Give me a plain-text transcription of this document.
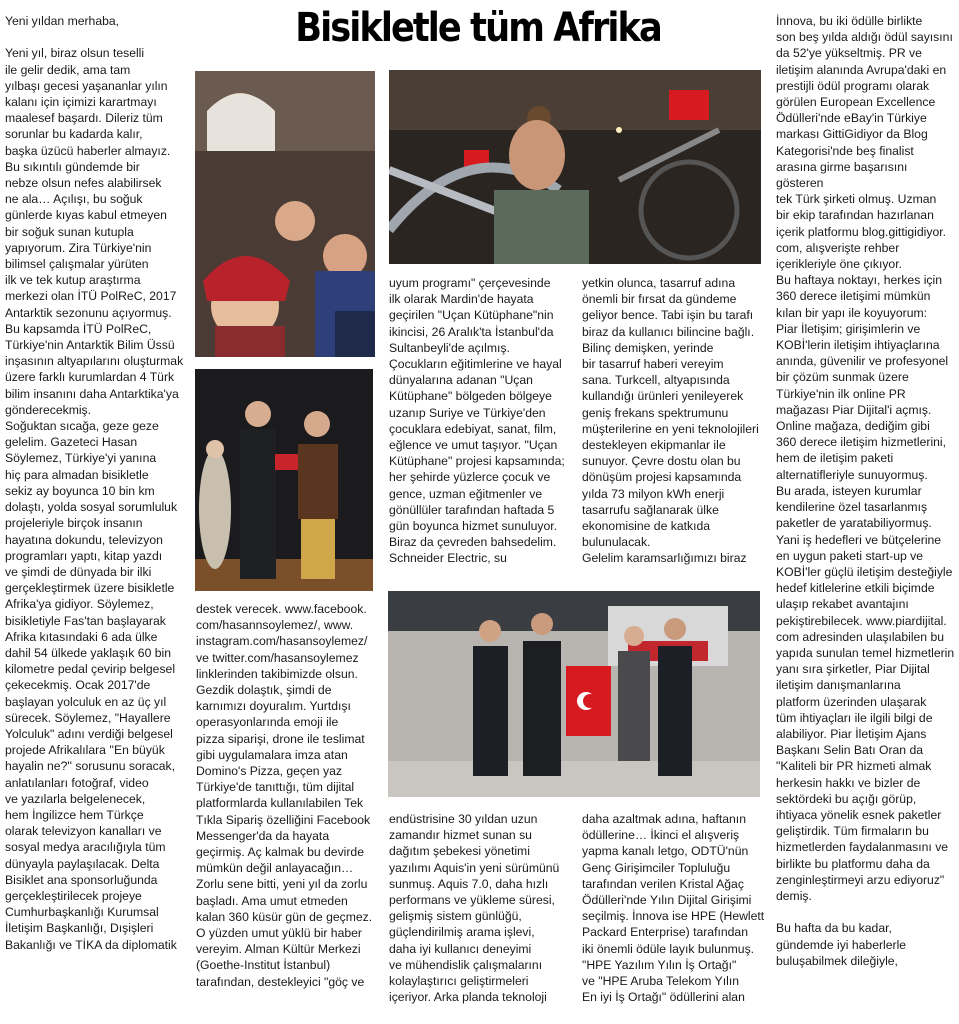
Bisikletle tüm Afrika

Yeni yıldan merhaba,

Yeni yıl, biraz olsun teselli
ile gelir dedik, ama tam
yılbaşı gecesi yaşananlar yılın
kalanı için içimizi karartmayı
maalesef başardı. Dileriz tüm
sorunlar bu kadarda kalır,
başka üzücü haberler almayız.
Bu sıkıntılı gündemde bir
nebze olsun nefes alabilirsek
ne ala… Açılışı, bu soğuk
günlerde kıyas kabul etmeyen
bir soğuk sunan kutupla
yapıyorum. Zira Türkiye'nin
bilimsel çalışmalar yürüten
ilk ve tek kutup araştırma
merkezi olan İTÜ PolReC, 2017
Antarktik sezonunu açıyormuş.
Bu kapsamda İTÜ PolReC,
Türkiye'nin Antarktik Bilim Üssü
inşasının altyapılarını oluşturmak
üzere farklı kurumlardan 4 Türk
bilim insanını daha Antarktika'ya
gönderecekmiş.
Soğuktan sıcağa, geze geze
gelelim. Gazeteci Hasan
Söylemez, Türkiye'yi yanına
hiç para almadan bisikletle
sekiz ay boyunca 10 bin km
dolaştı, yolda sosyal sorumluluk
projeleriyle birçok insanın
hayatına dokundu, televizyon
programları yaptı, kitap yazdı
ve şimdi de dünyada bir ilki
gerçekleştirmek üzere bisikletle
Afrika'ya gidiyor. Söylemez,
bisikletiyle Fas'tan başlayarak
Afrika kıtasındaki 6 ada ülke
dahil 54 ülkede yaklaşık 60 bin
kilometre pedal çevirip belgesel
çekecekmiş. Ocak 2017'de
başlayan yolculuk en az üç yıl
sürecek. Söylemez, "Hayallere
Yolculuk" adını verdiği belgesel
projede Afrikalılara ''En büyük
hayalin ne?'' sorusunu soracak,
anlatılanları fotoğraf, video
ve yazılarla belgelenecek,
hem İngilizce hem Türkçe
olarak televizyon kanalları ve
sosyal medya aracılığıyla tüm
dünyayla paylaşılacak. Delta
Bisiklet ana sponsorluğunda
gerçekleştirilecek projeye
Cumhurbaşkanlığı Kurumsal
İletişim Başkanlığı, Dışişleri
Bakanlığı ve TİKA da diplomatik

destek verecek. www.facebook.
com/hasannsoylemez/, www.
instagram.com/hasansoylemez/
ve twitter.com/hasansoylemez
linklerinden takibimizde olsun.
Gezdik dolaştık, şimdi de
karnımızı doyuralım. Yurtdışı
operasyonlarında emoji ile
pizza siparişi, drone ile teslimat
gibi uygulamalara imza atan
Domino's Pizza, geçen yaz
Türkiye'de tanıttığı, tüm dijital
platformlarda kullanılabilen Tek
Tıkla Sipariş özelliğini Facebook
Messenger'da da hayata
geçirmiş. Aç kalmak bu devirde
mümkün değil anlayacağın…
Zorlu sene bitti, yeni yıl da zorlu
başladı. Ama umut etmeden
kalan 360 küsür gün de geçmez.
O yüzden umut yüklü bir haber
vereyim. Alman Kültür Merkezi
(Goethe-Institut İstanbul)
tarafından, destekleyici "göç ve

uyum programı" çerçevesinde
ilk olarak Mardin'de hayata
geçirilen "Uçan Kütüphane"nin
ikincisi, 26 Aralık'ta İstanbul'da
Sultanbeyli'de açılmış.
Çocukların eğitimlerine ve hayal
dünyalarına adanan "Uçan
Kütüphane" bölgeden bölgeye
uzanıp Suriye ve Türkiye'den
çocuklara edebiyat, sanat, film,
eğlence ve umut taşıyor. "Uçan
Kütüphane" projesi kapsamında;
her şehirde yüzlerce çocuk ve
gence, uzman eğitmenler ve
gönüllüler tarafından haftada 5
gün boyunca hizmet sunuluyor.
Biraz da çevreden bahsedelim.
Schneider Electric, su

yetkin olunca, tasarruf adına
önemli bir fırsat da gündeme
geliyor bence. Tabi işin bu tarafı
biraz da kullanıcı bilincine bağlı.
Bilinç demişken, yerinde
bir tasarruf haberi vereyim
sana. Turkcell, altyapısında
kullandığı ürünleri yenileyerek
geniş frekans spektrumunu
müşterilerine en yeni teknolojileri
destekleyen ekipmanlar ile
sunuyor. Çevre dostu olan bu
dönüşüm projesi kapsamında
yılda 73 milyon kWh enerji
tasarrufu sağlanarak ülke
ekonomisine de katkıda
bulunulacak.
Gelelim karamsarlığımızı biraz

endüstrisine 30 yıldan uzun
zamandır hizmet sunan su
dağıtım şebekesi yönetimi
yazılımı Aquis'in yeni sürümünü
sunmuş. Aquis 7.0, daha hızlı
performans ve yükleme süresi,
gelişmiş sistem günlüğü,
güçlendirilmiş arama işlevi,
daha iyi kullanıcı deneyimi
ve mühendislik çalışmalarını
kolaylaştırıcı geliştirmeleri
içeriyor. Arka planda teknoloji

daha azaltmak adına, haftanın
ödüllerine… İkinci el alışveriş
yapma kanalı letgo, ODTÜ'nün
Genç Girişimciler Topluluğu
tarafından verilen Kristal Ağaç
Ödülleri'nde Yılın Dijital Girişimi
seçilmiş. İnnova ise HPE (Hewlett
Packard Enterprise) tarafından
iki önemli ödüle layık bulunmuş.
"HPE Yazılım Yılın İş Ortağı"
ve "HPE Aruba Telekom Yılın
En iyi İş Ortağı" ödüllerini alan

İnnova, bu iki ödülle birlikte
son beş yılda aldığı ödül sayısını
da 52'ye yükseltmiş. PR ve
iletişim alanında Avrupa'daki en
prestijli ödül programı olarak
görülen European Excellence
Ödülleri'nde eBay'in Türkiye
markası GittiGidiyor da Blog
Kategorisi'nde beş finalist
arasına girme başarısını gösteren
tek Türk şirketi olmuş. Uzman
bir ekip tarafından hazırlanan
içerik platformu blog.gittigidiyor.
com, alışverişte rehber
içerikleriyle öne çıkıyor.
Bu haftaya noktayı, herkes için
360 derece iletişimi mümkün
kılan bir yapı ile koyuyorum:
Piar İletişim; girişimlerin ve
KOBİ'lerin iletişim ihtiyaçlarına
anında, güvenilir ve profesyonel
bir çözüm sunmak üzere
Türkiye'nin ilk online PR
mağazası Piar Dijital'i açmış.
Online mağaza, dediğim gibi
360 derece iletişim hizmetlerini,
hem de iletişim paketi
alternatifleriyle sunuyormuş.
Bu arada, isteyen kurumlar
kendilerine özel tasarlanmış
paketler de yaratabiliyormuş.
Yani iş hedefleri ve bütçelerine
en uygun paketi start-up ve
KOBİ'ler güçlü iletişim desteğiyle
hedef kitlelerine etkili biçimde
ulaşıp rekabet avantajını
pekiştirebilecek. www.piardijital.
com adresinden ulaşılabilen bu
yapıda sunulan temel hizmetlerin
yanı sıra şirketler, Piar Dijital
iletişim danışmanlarına
platform üzerinden ulaşarak
tüm ihtiyaçları ile ilgili bilgi de
alabiliyor. Piar İletişim Ajans
Başkanı Selin Batı Oran da
"Kaliteli bir PR hizmeti almak
herkesin hakkı ve bizler de
sektördeki bu açığı görüp,
ihtiyaca yönelik esnek paketler
geliştirdik. Tüm firmaların bu
hizmetlerden faydalanmasını ve
birlikte bu platformu daha da
zenginleştirmeyi arzu ediyoruz"
demiş.

Bu hafta da bu kadar,
gündemde iyi haberlerle
buluşabilmek dileğiyle,
